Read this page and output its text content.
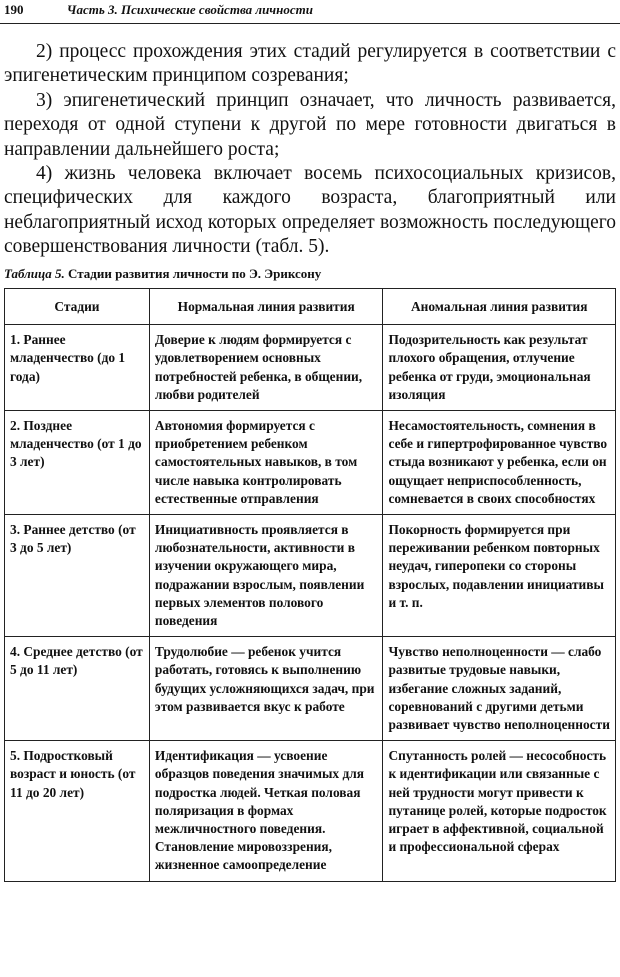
190	Часть 3. Психические свойства личности

2) процесс прохождения этих стадий регулируется в соответствии с эпигенетическим принципом созревания;

3) эпигенетический принцип означает, что личность развивается, переходя от одной ступени к другой по мере готовности двигаться в направлении дальнейшего роста;

4) жизнь человека включает восемь психосоциальных кризисов, специфических для каждого возраста, благоприятный или неблагоприятный исход которых определяет возможность последующего совершенствования личности (табл. 5).

Таблица 5. Стадии развития личности по Э. Эриксону
Стадии	Нормальная линия развития	Аномальная линия развития
1. Раннее младенчество (до 1 года)	Доверие к людям формируется с удовлетворением основных потребностей ребенка, в общении, любви родителей	Подозрительность как результат плохого обращения, отлучение ребенка от груди, эмоциональная изоляция
2. Позднее младенчество (от 1 до 3 лет)	Автономия формируется с приобретением ребенком самостоятельных навыков, в том числе навыка контролировать естественные отправления	Несамостоятельность, сомнения в себе и гипертрофированное чувство стыда возникают у ребенка, если он ощущает неприспособленность, сомневается в своих способностях
3. Раннее детство (от 3 до 5 лет)	Инициативность проявляется в любознательности, активности в изучении окружающего мира, подражании взрослым, появлении первых элементов полового поведения	Покорность формируется при переживании ребенком повторных неудач, гиперопеки со стороны взрослых, подавлении инициативы и т. п.
4. Среднее детство (от 5 до 11 лет)	Трудолюбие — ребенок учится работать, готовясь к выполнению будущих усложняющихся задач, при этом развивается вкус к работе	Чувство неполноценности — слабо развитые трудовые навыки, избегание сложных заданий, соревнований с другими детьми развивает чувство неполноценности
5. Подростковый возраст и юность (от 11 до 20 лет)	Идентификация — усвоение образцов поведения значимых для подростка людей. Четкая половая поляризация в формах межличностного поведения. Становление мировоззрения, жизненное самоопределение	Спутанность ролей — несособность к идентификации или связанные с ней трудности могут привести к путанице ролей, которые подросток играет в аффективной, социальной и профессиональной сферах
